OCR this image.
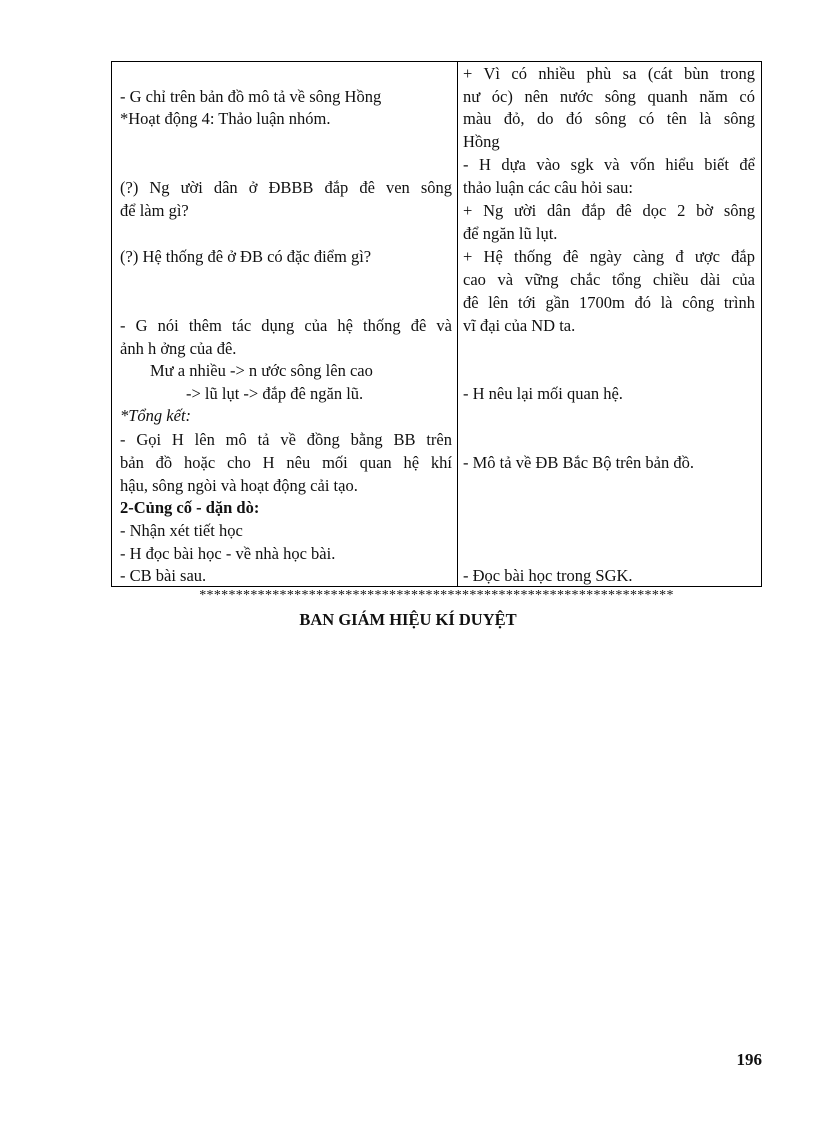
- G chỉ trên bản đồ mô tả về sông Hồng
*Hoạt động 4: Thảo luận nhóm.
(?) Ng ười dân ở ĐBBB đắp đê ven sông
để làm gì?
(?) Hệ thống đê ở ĐB có đặc điểm gì?
- G nói thêm tác dụng của hệ thống đê và
ảnh h ởng của đê.
Mư a nhiều -> n ước sông lên cao
-> lũ lụt -> đắp đê ngăn lũ.
*Tổng kết:
- Gọi H lên mô tả về đồng bằng BB trên
bản đồ hoặc cho H nêu mối quan hệ khí
hậu, sông ngòi và hoạt động cải tạo.
2-Củng cố - dặn dò:
- Nhận xét tiết học
- H đọc bài học - về nhà học bài.
- CB bài sau.
+ Vì có nhiều phù sa (cát bùn trong
nư óc) nên nước sông quanh năm có
màu đỏ, do đó sông có tên là sông
Hồng
- H dựa vào sgk và vốn hiểu biết để
thảo luận các câu hỏi sau:
+ Ng ười dân đắp đê dọc 2 bờ sông
để ngăn lũ lụt.
+ Hệ thống đê ngày càng đ ược đắp
cao và vững chắc tổng chiều dài của
đê lên tới gần 1700m đó là công trình
vĩ đại của ND ta.
- H nêu lại mối quan hệ.
- Mô tả về ĐB Bắc Bộ trên bản đồ.
- Đọc bài học trong SGK.
*****************************************************************
BAN GIÁM HIỆU KÍ DUYỆT
196
